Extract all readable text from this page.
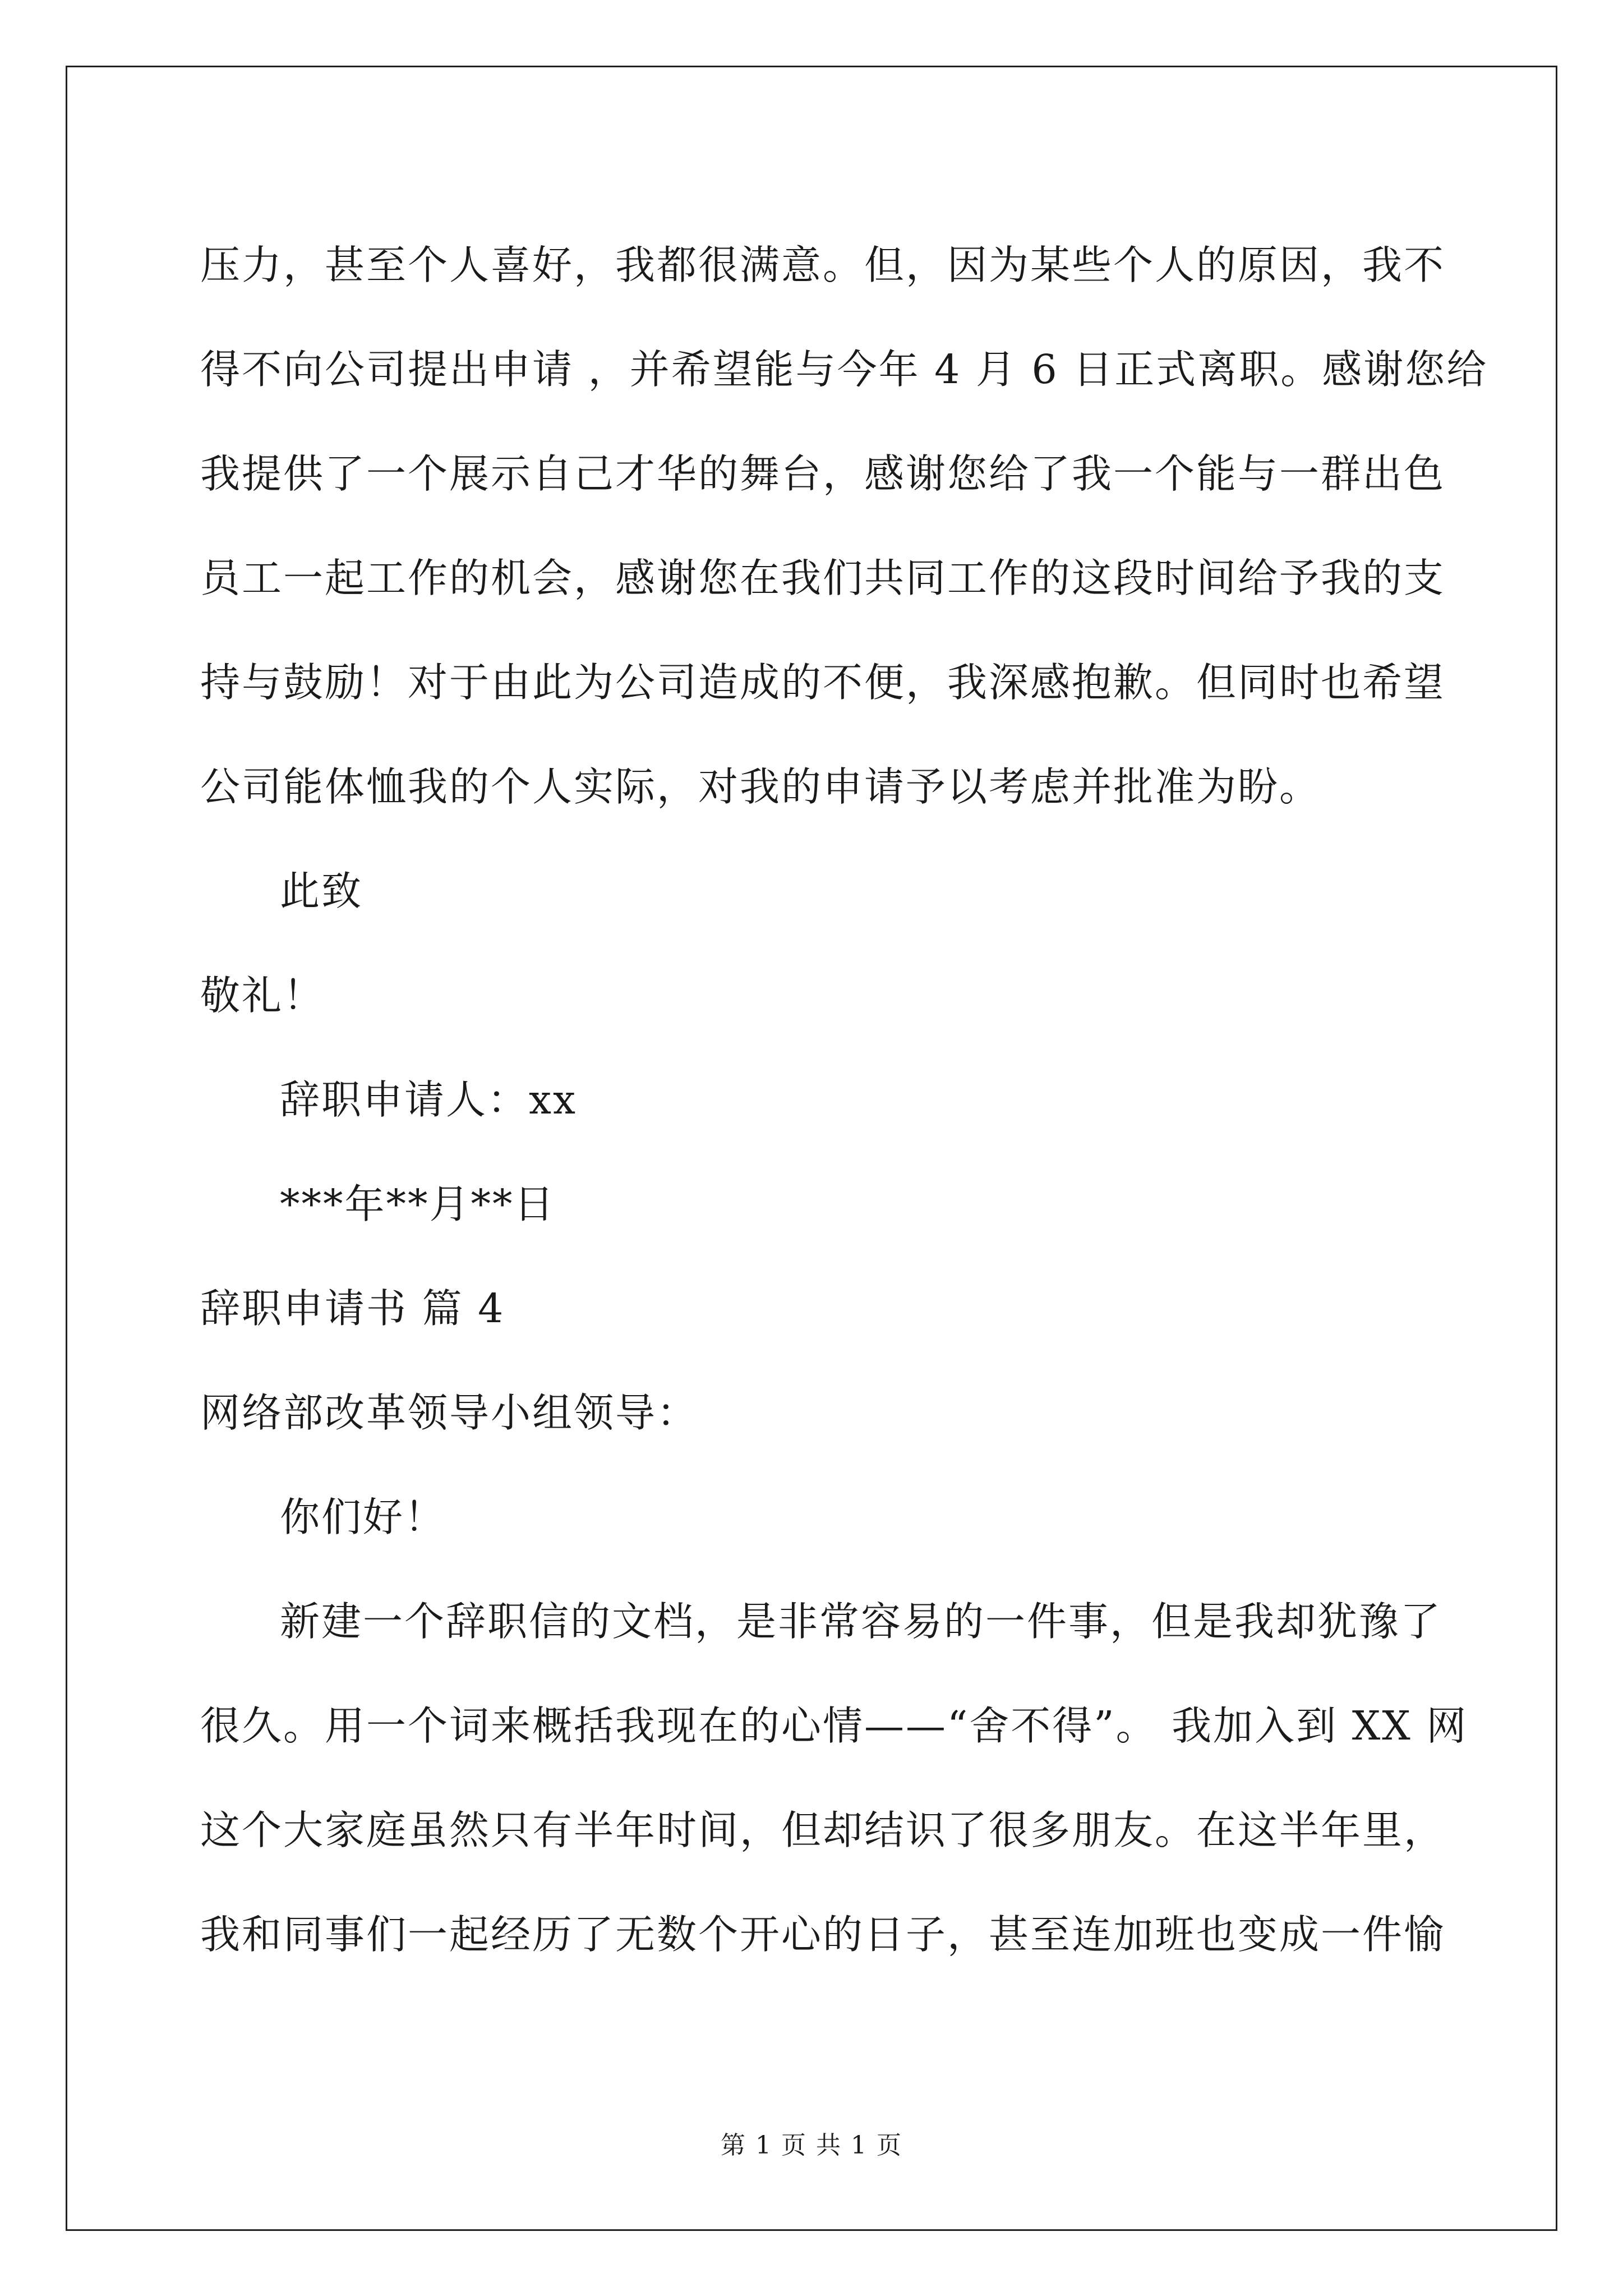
压力，甚至个人喜好，我都很满意。但，因为某些个人的原因，我不
得不向公司提出申请 ，并希望能与今年 4 月 6 日正式离职。感谢您给
我提供了一个展示自己才华的舞台，感谢您给了我一个能与一群出色
员工一起工作的机会，感谢您在我们共同工作的这段时间给予我的支
持与鼓励！对于由此为公司造成的不便，我深感抱歉。但同时也希望
公司能体恤我的个人实际，对我的申请予以考虑并批准为盼。
此致
敬礼！
辞职申请人：xx
***年**月**日
辞职申请书 篇 4
网络部改革领导小组领导：
你们好！
新建一个辞职信的文档，是非常容易的一件事，但是我却犹豫了
很久。用一个词来概括我现在的心情——“舍不得”。 我加入到 XX 网
这个大家庭虽然只有半年时间，但却结识了很多朋友。在这半年里，
我和同事们一起经历了无数个开心的日子，甚至连加班也变成一件愉
第 1 页 共 1 页
